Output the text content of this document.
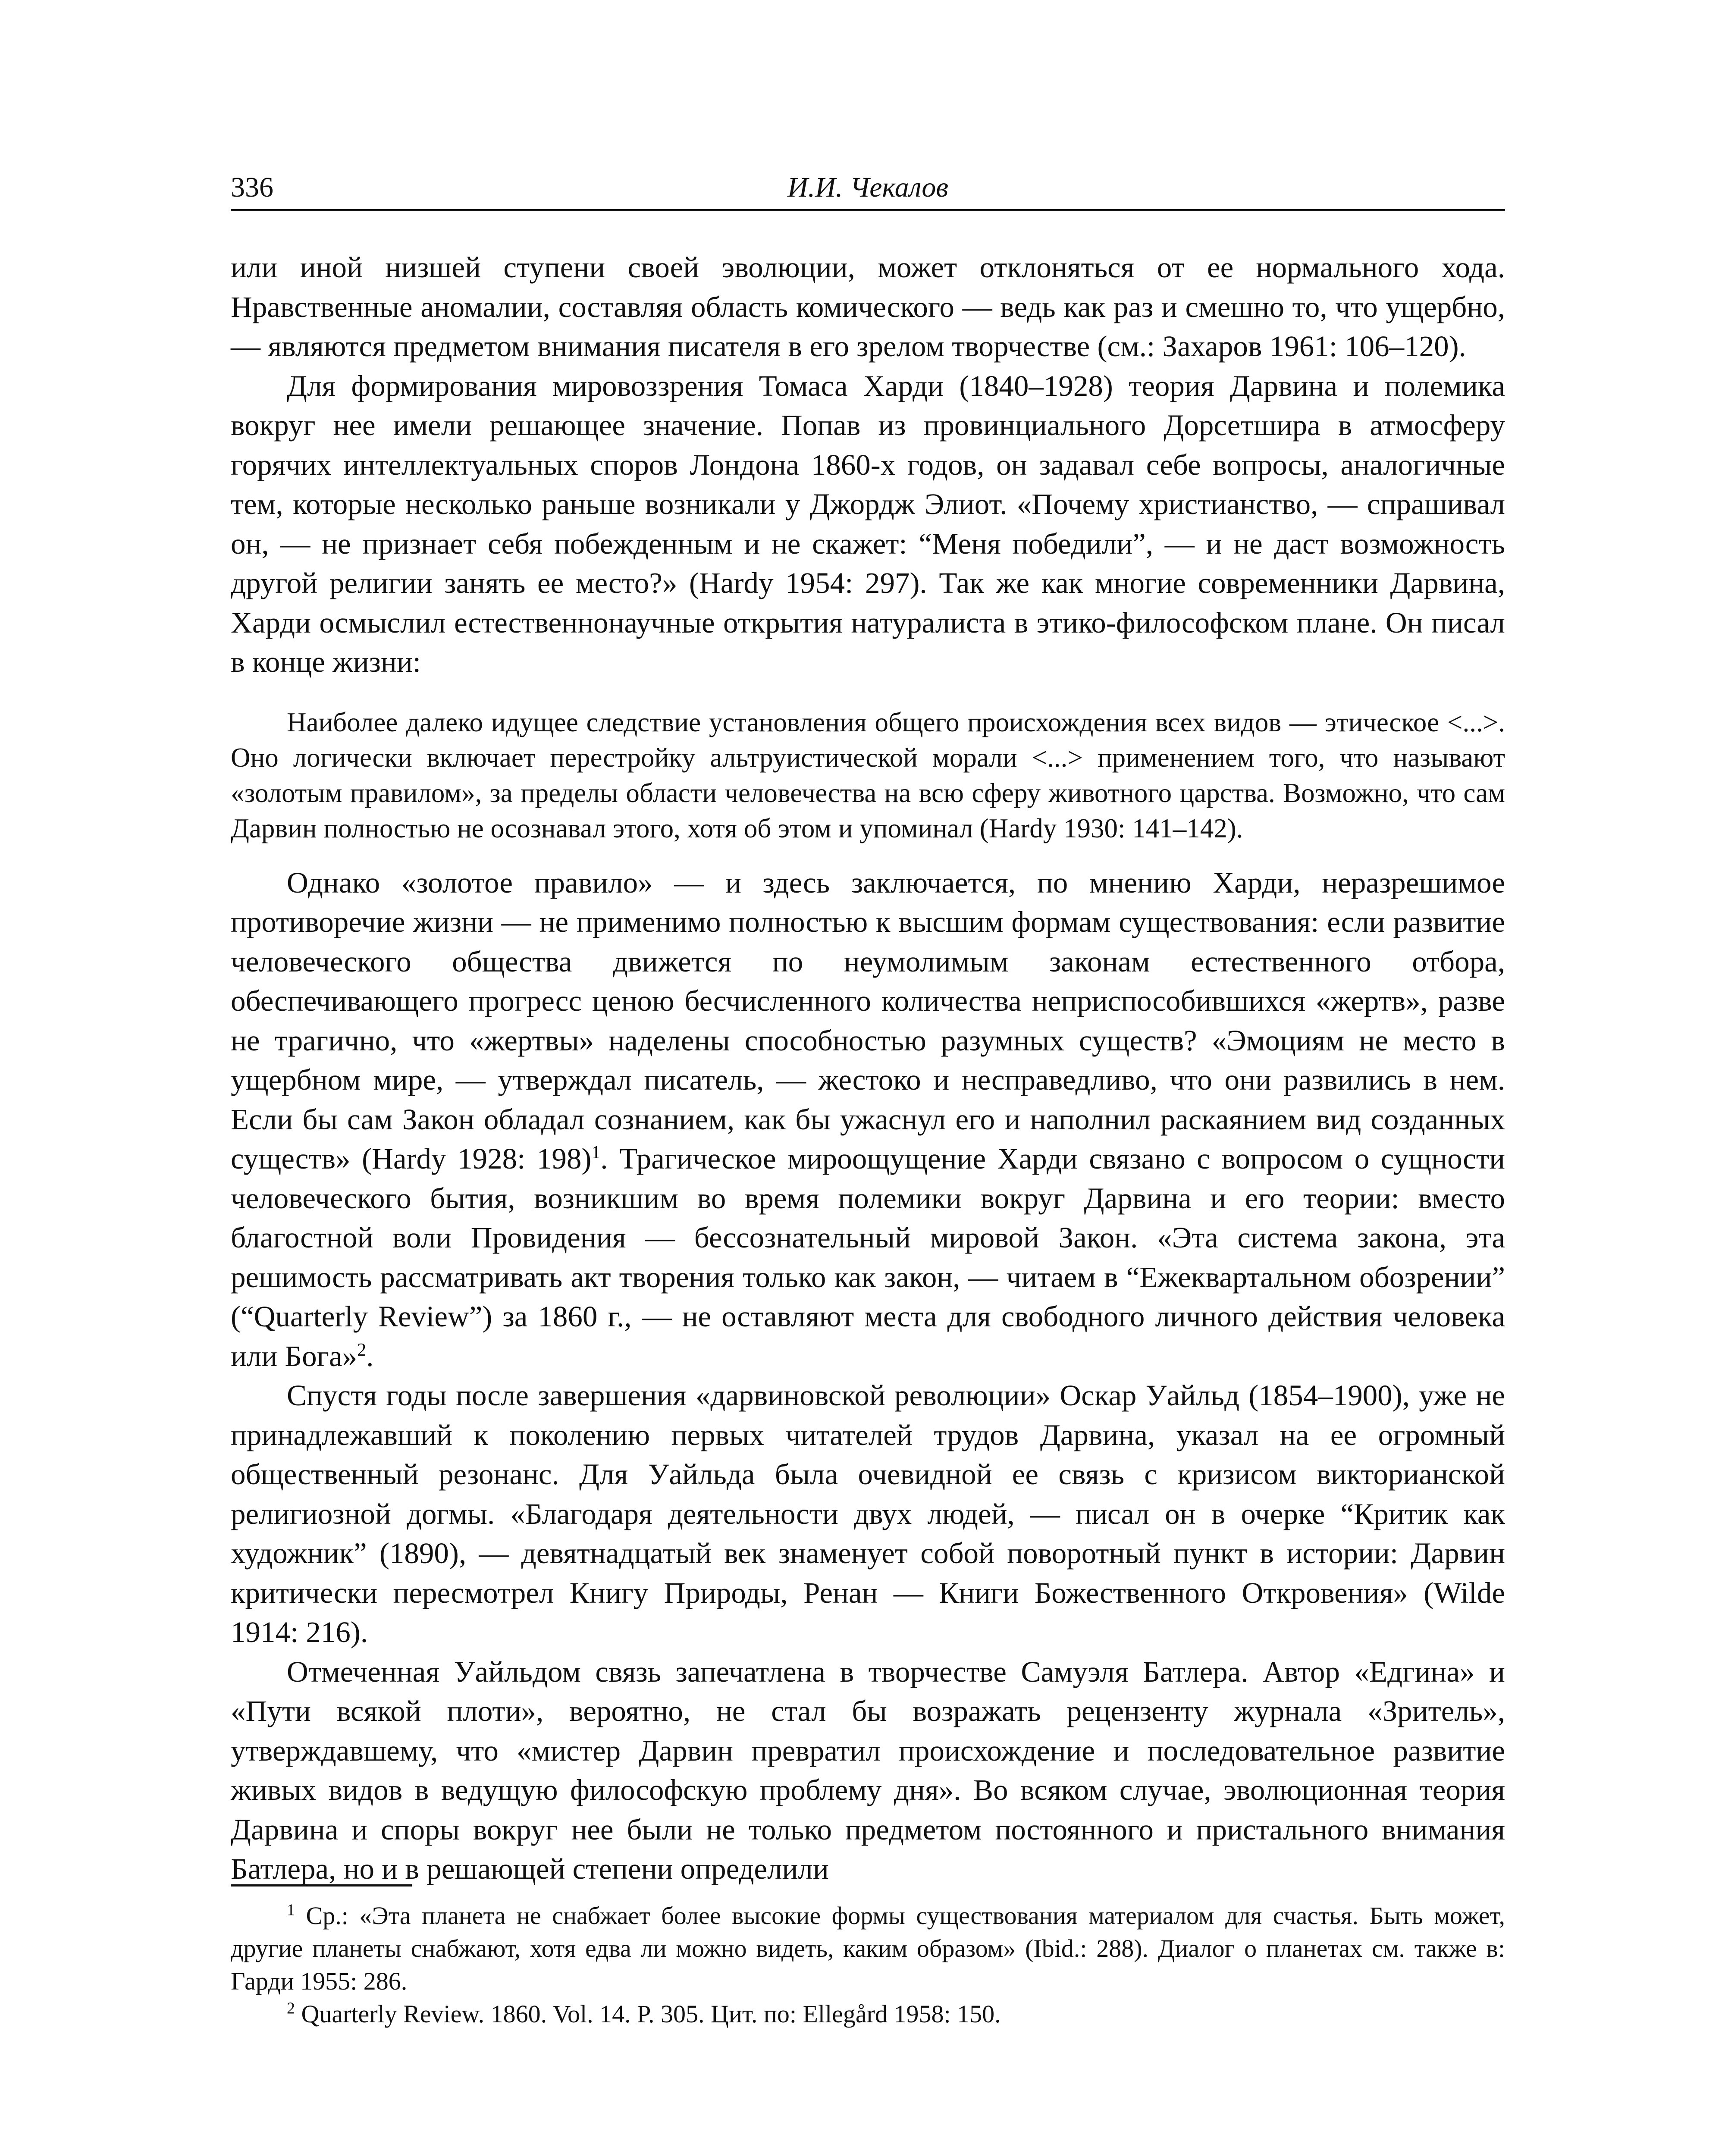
336	И.И. Чекалов

или иной низшей ступени своей эволюции, может отклоняться от ее нормального хода. Нравственные аномалии, составляя область комического — ведь как раз и смешно то, что ущербно, — являются предметом внимания писателя в его зрелом творчестве (см.: Захаров 1961: 106–120).

Для формирования мировоззрения Томаса Харди (1840–1928) теория Дарвина и полемика вокруг нее имели решающее значение. Попав из провинциального Дорсетшира в атмосферу горячих интеллектуальных споров Лондона 1860-х годов, он задавал себе вопросы, аналогичные тем, которые несколько раньше возникали у Джордж Элиот. «Почему христианство, — спрашивал он, — не признает себя побежденным и не скажет: “Меня победили”, — и не даст возможность другой религии занять ее место?» (Hardy 1954: 297). Так же как многие современники Дарвина, Харди осмыслил естественнонаучные открытия натуралиста в этико-философском плане. Он писал в конце жизни:

Наиболее далеко идущее следствие установления общего происхождения всех видов — этическое <...>. Оно логически включает перестройку альтруистической морали <...> применением того, что называют «золотым правилом», за пределы области человечества на всю сферу животного царства. Возможно, что сам Дарвин полностью не осознавал этого, хотя об этом и упоминал (Hardy 1930: 141–142).

Однако «золотое правило» — и здесь заключается, по мнению Харди, неразрешимое противоречие жизни — не применимо полностью к высшим формам существования: если развитие человеческого общества движется по неумолимым законам естественного отбора, обеспечивающего прогресс ценою бесчисленного количества неприспособившихся «жертв», разве не трагично, что «жертвы» наделены способностью разумных существ? «Эмоциям не место в ущербном мире, — утверждал писатель, — жестоко и несправедливо, что они развились в нем. Если бы сам Закон обладал сознанием, как бы ужаснул его и наполнил раскаянием вид созданных существ» (Hardy 1928: 198)$^1$. Трагическое мироощущение Харди связано с вопросом о сущности человеческого бытия, возникшим во время полемики вокруг Дарвина и его теории: вместо благостной воли Провидения — бессознательный мировой Закон. «Эта система закона, эта решимость рассматривать акт творения только как закон, — читаем в “Ежеквартальном обозрении” (“Quarterly Review”) за 1860 г., — не оставляют места для свободного личного действия человека или Бога»$^2$.

Спустя годы после завершения «дарвиновской революции» Оскар Уайльд (1854–1900), уже не принадлежавший к поколению первых читателей трудов Дарвина, указал на ее огромный общественный резонанс. Для Уайльда была очевидной ее связь с кризисом викторианской религиозной догмы. «Благодаря деятельности двух людей, — писал он в очерке “Критик как художник” (1890), — девятнадцатый век знаменует собой поворотный пункт в истории: Дарвин критически пересмотрел Книгу Природы, Ренан — Книги Божественного Откровения» (Wilde 1914: 216).

Отмеченная Уайльдом связь запечатлена в творчестве Самуэля Батлера. Автор «Едгина» и «Пути всякой плоти», вероятно, не стал бы возражать рецензенту журнала «Зритель», утверждавшему, что «мистер Дарвин превратил происхождение и последовательное развитие живых видов в ведущую философскую проблему дня». Во всяком случае, эволюционная теория Дарвина и споры вокруг нее были не только предметом постоянного и пристального внимания Батлера, но и в решающей степени определили

$^1$ Ср.: «Эта планета не снабжает более высокие формы существования материалом для счастья. Быть может, другие планеты снабжают, хотя едва ли можно видеть, каким образом» (Ibid.: 288). Диалог о планетах см. также в: Гарди 1955: 286.

$^2$ Quarterly Review. 1860. Vol. 14. P. 305. Цит. по: Ellegård 1958: 150.
